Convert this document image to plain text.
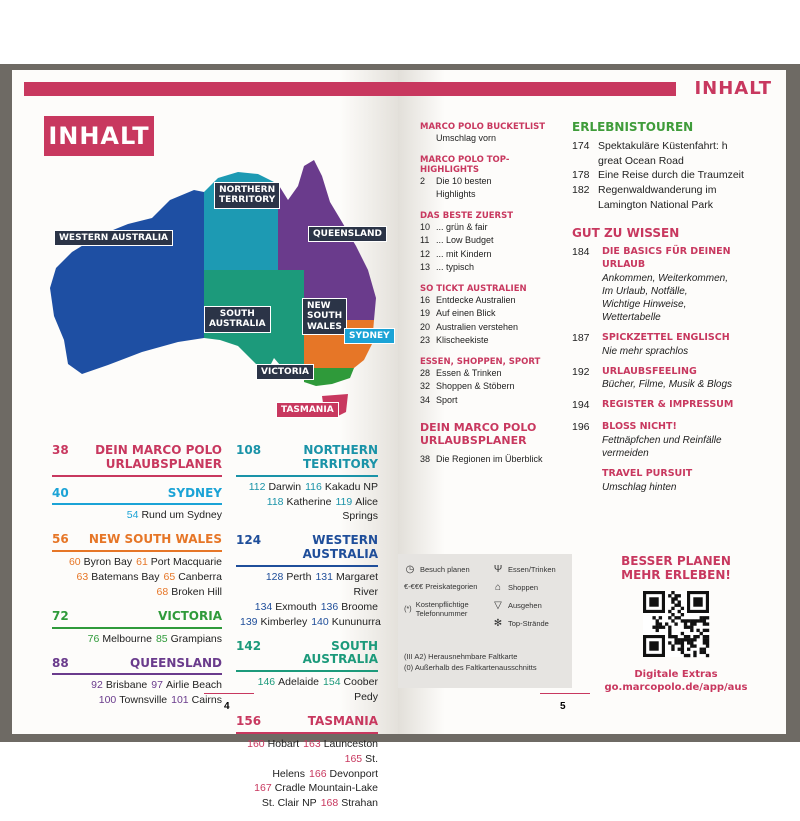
INHALT
WESTERN AUSTRALIA
NORTHERN
TERRITORY
QUEENSLAND
SOUTH
AUSTRALIA
NEW
SOUTH
WALES
SYDNEY
VICTORIA
TASMANIA
38 DEIN MARCO POLO
URLAUBSPLANER
40	SYDNEY
54 Rund um Sydney
56 NEW SOUTH WALES
60 Byron Bay 61 Port Macquarie
63 Batemans Bay 65 Canberra
68 Broken Hill
72	VICTORIA
76 Melbourne 85 Grampians
88	QUEENSLAND
92 Brisbane 97 Airlie Beach
100 Townsville 101 Cairns
108	NORTHERN
TERRITORY
112 Darwin 116 Kakadu NP
118 Katherine 119 Alice Springs
124	WESTERN AUSTRALIA
128 Perth 131 Margaret River
134 Exmouth 136 Broome
139 Kimberley 140 Kununurra
142	SOUTH AUSTRALIA
146 Adelaide 154 Coober Pedy
156	TASMANIA
160 Hobart 163 Launceston
165 St. Helens 166 Devonport
167 Cradle Mountain-Lake
St. Clair NP 168 Strahan
4
INHALT
MARCO POLO BUCKETLIST
Umschlag vorn
MARCO POLO TOP-HIGHLIGHTS
2	Die 10 besten
Highlights
DAS BESTE ZUERST
10 ... grün & fair
11 ... Low Budget
12 ... mit Kindern
13 ... typisch
SO TICKT AUSTRALIEN
16 Entdecke Australien
19 Auf einen Blick
20 Australien verstehen
23 Klischeekiste
ESSEN, SHOPPEN, SPORT
28 Essen & Trinken
32 Shoppen & Stöbern
34 Sport
DEIN MARCO POLO
URLAUBSPLANER
38 Die Regionen im Überblick
ERLEBNISTOUREN
174 Spektakuläre Küstenfahrt: h
great Ocean Road
178 Eine Reise durch die Traumzeit
182 Regenwaldwanderung im
Lamington National Park
GUT ZU WISSEN
184	DIE BASICS FÜR DEINEN
URLAUB
Ankommen, Weiterkommen,
Im Urlaub, Notfälle,
Wichtige Hinweise,
Wettertabelle
187	SPICKZETTEL ENGLISCH
Nie mehr sprachlos
192	URLAUBSFEELING
Bücher, Filme, Musik & Blogs
194	REGISTER & IMPRESSUM
196	BLOSS NICHT!
Fettnäpfchen und Reinfälle
vermeiden
TRAVEL PURSUIT
Umschlag hinten
◷ Besuch planen
€-€€€ Preiskategorien
(*) Kostenpflichtige Telefonnummer
Ψ Essen/Trinken
⌂ Shoppen
▽ Ausgehen
✻ Top-Strände
(III A2) Herausnehmbare Faltkarte
(0) Außerhalb des Faltkartenausschnitts
BESSER PLANEN
MEHR ERLEBEN!
Digitale Extras
go.marcopolo.de/app/aus
5
